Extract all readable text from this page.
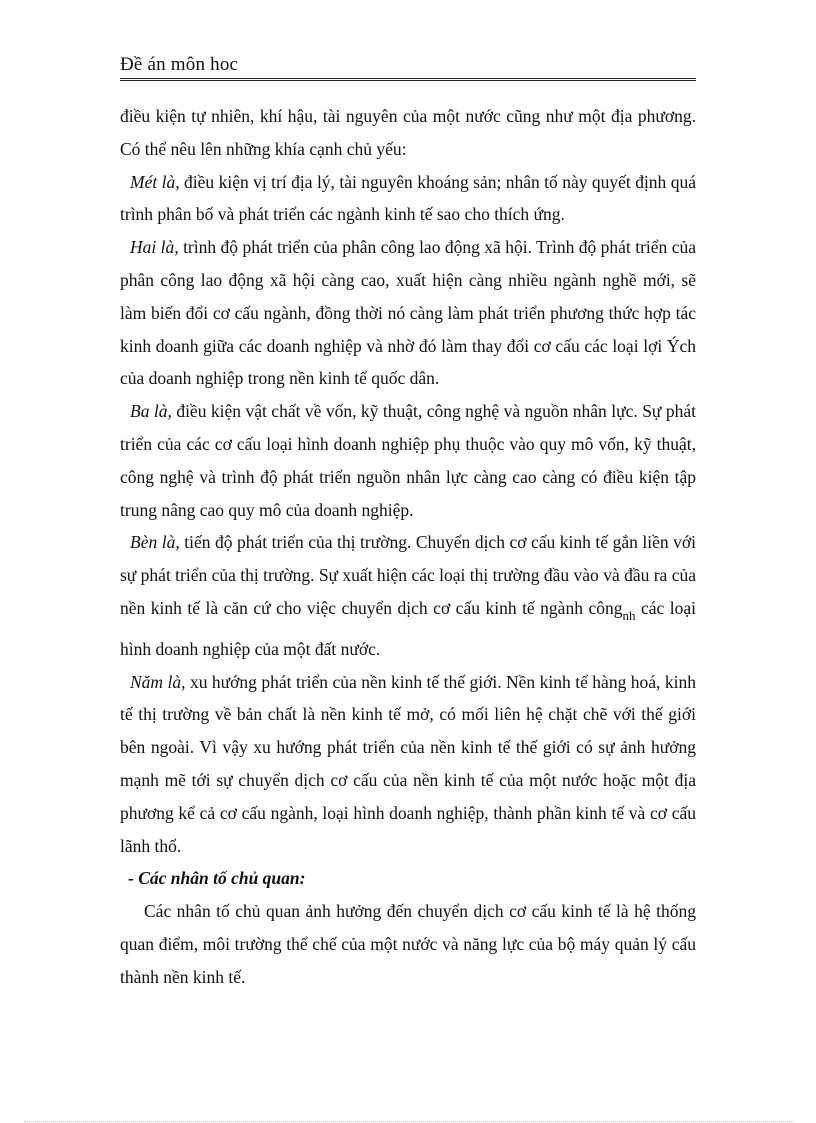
Đề án môn hoc

điều kiện tự nhiên, khí hậu, tài nguyên của một nước cũng như một địa phương. Có thể nêu lên những khía cạnh chủ yếu:

Mét là, điều kiện vị trí địa lý, tài nguyên khoáng sản; nhân tố này quyết định quá trình phân bố và phát triển các ngành kinh tế sao cho thích ứng.

Hai là, trình độ phát triển của phân công lao động xã hội. Trình độ phát triển của phân công lao động xã hội càng cao, xuất hiện càng nhiều ngành nghề mới, sẽ làm biến đổi cơ cấu ngành, đồng thời nó càng làm phát triển phương thức hợp tác kinh doanh giữa các doanh nghiệp và nhờ đó làm thay đổi cơ cấu các loại lợi Ých của doanh nghiệp trong nền kinh tế quốc dân.

Ba là, điều kiện vật chất về vốn, kỹ thuật, công nghệ và nguồn nhân lực. Sự phát triển của các cơ cấu loại hình doanh nghiệp phụ thuộc vào quy mô vốn, kỹ thuật, công nghệ và trình độ phát triển nguồn nhân lực càng cao càng có điều kiện tập trung nâng cao quy mô của doanh nghiệp.

Bèn là, tiến độ phát triển của thị trường. Chuyển dịch cơ cấu kinh tế gắn liền với sự phát triển của thị trường. Sự xuất hiện các loại thị trường đầu vào và đầu ra của nền kinh tế là căn cứ cho việc chuyển dịch cơ cấu kinh tế ngành công$_{nh}$ các loại hình doanh nghiệp của một đất nước.

Năm là, xu hướng phát triển của nền kinh tế thế giới. Nền kinh tế hàng hoá, kinh tế thị trường về bản chất là nền kinh tế mở, có mối liên hệ chặt chẽ với thế giới bên ngoài. Vì vậy xu hướng phát triển của nền kinh tế thế giới có sự ảnh hưởng mạnh mẽ tới sự chuyển dịch cơ cấu của nền kinh tế của một nước hoặc một địa phương kể cả cơ cấu ngành, loại hình doanh nghiệp, thành phần kinh tế và cơ cấu lãnh thổ.

- Các nhân tố chủ quan:

Các nhân tố chủ quan ảnh hưởng đến chuyển dịch cơ cấu kinh tế là hệ thống quan điểm, môi trường thể chế của một nước và năng lực của bộ máy quản lý cấu thành nền kinh tế.
